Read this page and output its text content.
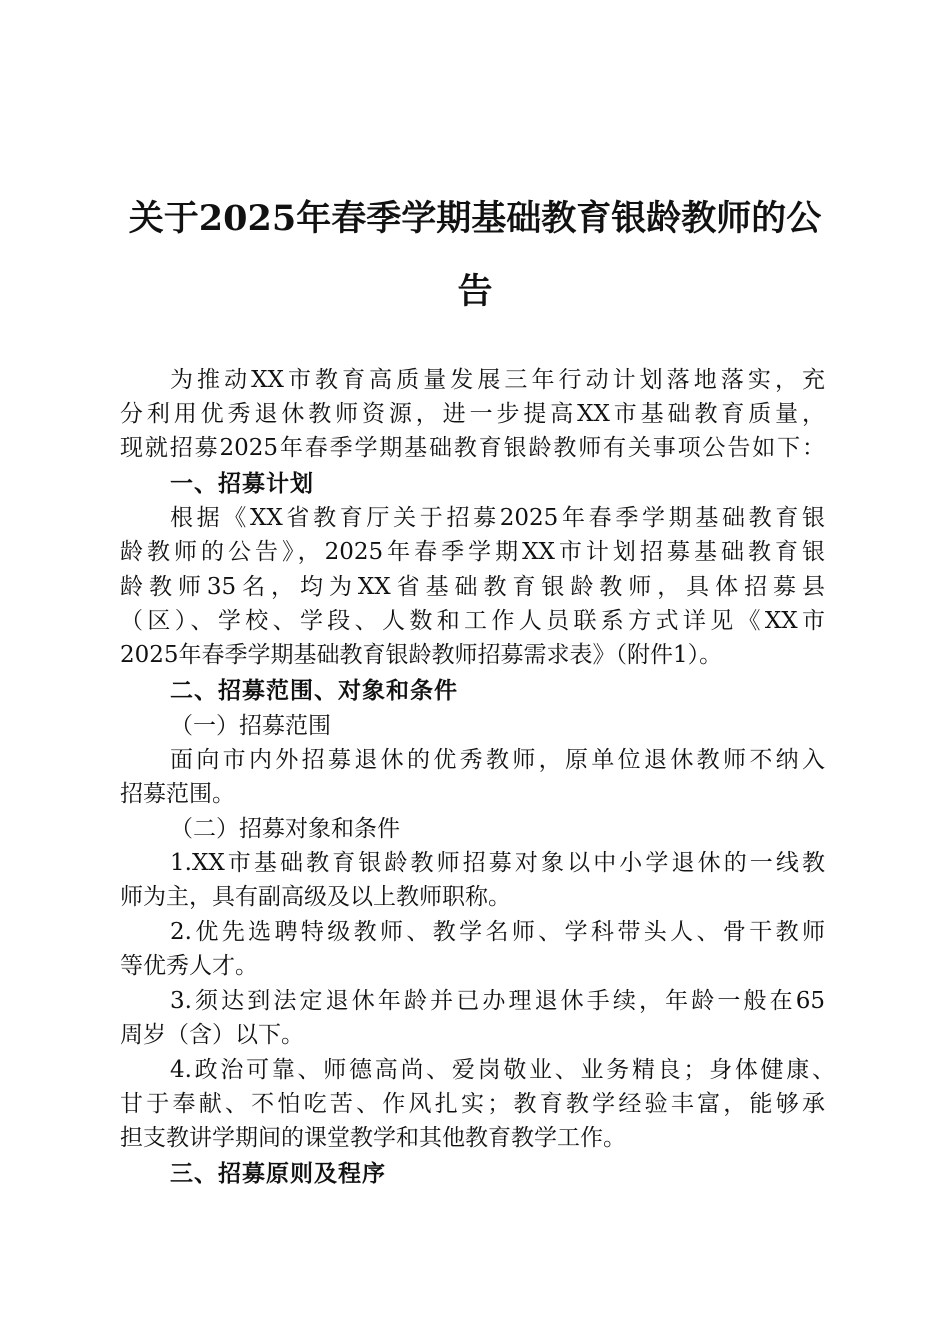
关于2025年春季学期基础教育银龄教师的公
告

为推动XX市教育高质量发展三年行动计划落地落实，充

分利用优秀退休教师资源，进一步提高XX市基础教育质量，

现就招募2025年春季学期基础教育银龄教师有关事项公告如下：

一、招募计划

根据《XX省教育厅关于招募2025年春季学期基础教育银

龄教师的公告》，2025年春季学期XX市计划招募基础教育银

龄教师35名，均为XX省基础教育银龄教师，具体招募县

（区）、学校、学段、人数和工作人员联系方式详见《XX市

2025年春季学期基础教育银龄教师招募需求表》（附件1）。

二、招募范围、对象和条件

（一）招募范围

面向市内外招募退休的优秀教师，原单位退休教师不纳入

招募范围。

（二）招募对象和条件

1.XX市基础教育银龄教师招募对象以中小学退休的一线教

师为主，具有副高级及以上教师职称。

2.优先选聘特级教师、教学名师、学科带头人、骨干教师

等优秀人才。

3.须达到法定退休年龄并已办理退休手续，年龄一般在65

周岁（含）以下。

4.政治可靠、师德高尚、爱岗敬业、业务精良；身体健康、

甘于奉献、不怕吃苦、作风扎实；教育教学经验丰富，能够承

担支教讲学期间的课堂教学和其他教育教学工作。

三、招募原则及程序
